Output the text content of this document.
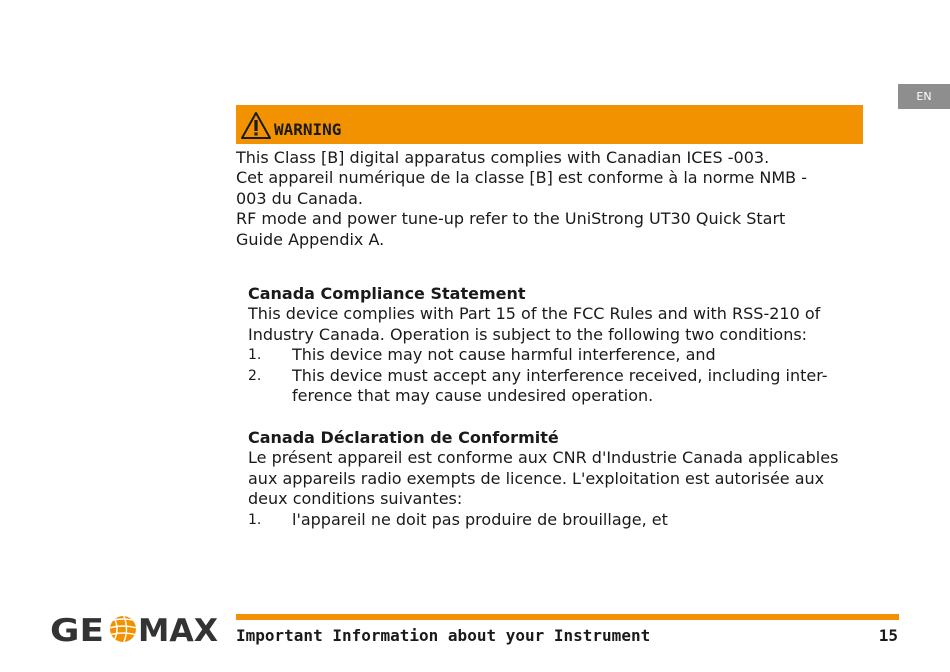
EN
WARNING
This Class [B] digital apparatus complies with Canadian ICES -003.
Cet appareil numérique de la classe [B] est conforme à la norme NMB -
003 du Canada.
RF mode and power tune-up refer to the UniStrong UT30 Quick Start
Guide Appendix A.
Canada Compliance Statement
This device complies with Part 15 of the FCC Rules and with RSS-210 of
Industry Canada. Operation is subject to the following two conditions:
1.	This device may not cause harmful interference, and
2.	This device must accept any interference received, including inter-
ference that may cause undesired operation.
Canada Déclaration de Conformité
Le présent appareil est conforme aux CNR d'Industrie Canada applicables
aux appareils radio exempts de licence. L'exploitation est autorisée aux
deux conditions suivantes:
1.	l'appareil ne doit pas produire de brouillage, et
GE MAX Important Information about your Instrument	15
